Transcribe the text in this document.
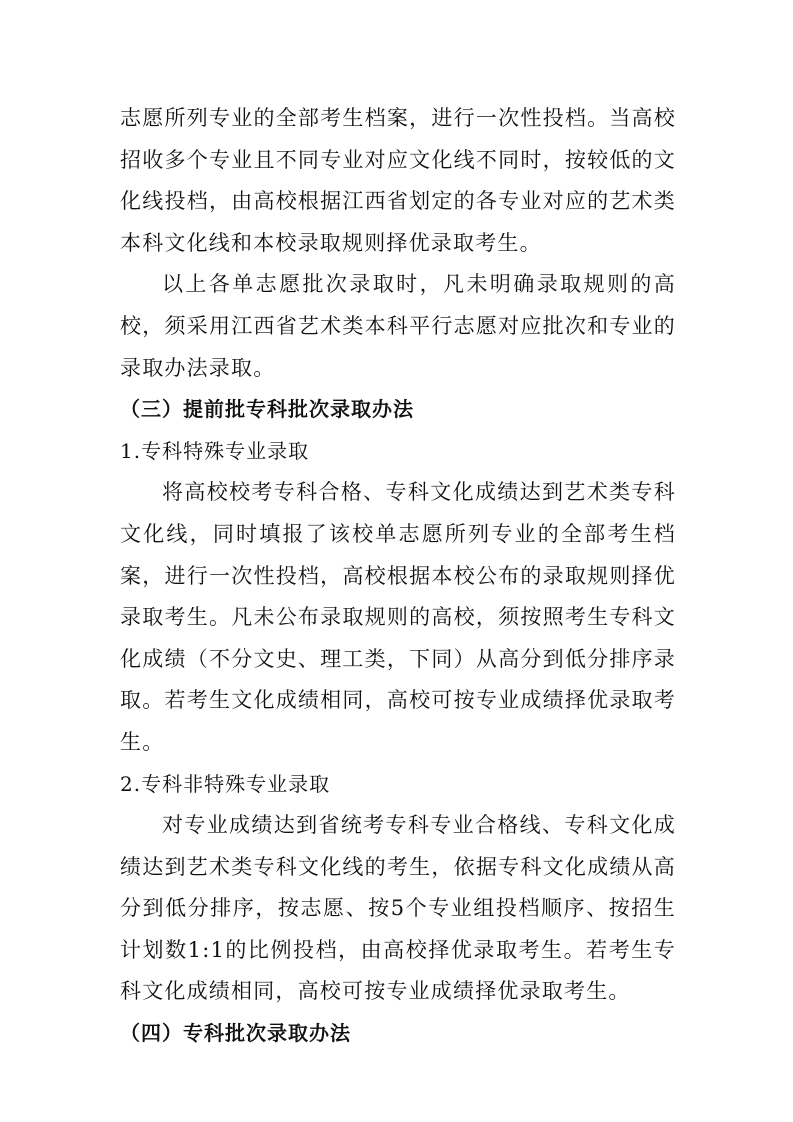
志愿所列专业的全部考生档案，进行一次性投档。当高校招收多个专业且不同专业对应文化线不同时，按较低的文化线投档，由高校根据江西省划定的各专业对应的艺术类本科文化线和本校录取规则择优录取考生。

以上各单志愿批次录取时，凡未明确录取规则的高校，须采用江西省艺术类本科平行志愿对应批次和专业的录取办法录取。

（三）提前批专科批次录取办法

1.专科特殊专业录取

将高校校考专科合格、专科文化成绩达到艺术类专科文化线，同时填报了该校单志愿所列专业的全部考生档案，进行一次性投档，高校根据本校公布的录取规则择优录取考生。凡未公布录取规则的高校，须按照考生专科文化成绩（不分文史、理工类，下同）从高分到低分排序录取。若考生文化成绩相同，高校可按专业成绩择优录取考生。

2.专科非特殊专业录取

对专业成绩达到省统考专科专业合格线、专科文化成绩达到艺术类专科文化线的考生，依据专科文化成绩从高分到低分排序，按志愿、按5个专业组投档顺序、按招生计划数1:1的比例投档，由高校择优录取考生。若考生专科文化成绩相同，高校可按专业成绩择优录取考生。

（四）专科批次录取办法
